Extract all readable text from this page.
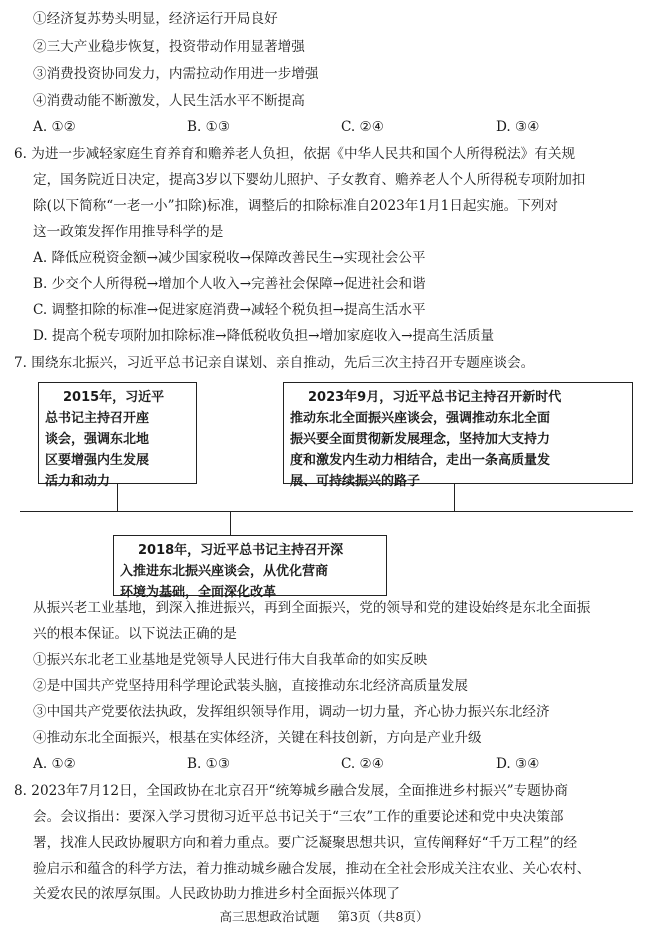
①经济复苏势头明显，经济运行开局良好
②三大产业稳步恢复，投资带动作用显著增强
③消费投资协同发力，内需拉动作用进一步增强
④消费动能不断激发，人民生活水平不断提高
A. ①②	B. ①③	C. ②④	D. ③④
6. 为进一步减轻家庭生育养育和赡养老人负担，依据《中华人民共和国个人所得税法》有关规
定，国务院近日决定，提高3岁以下婴幼儿照护、子女教育、赡养老人个人所得税专项附加扣
除(以下简称“一老一小”扣除)标准，调整后的扣除标准自2023年1月1日起实施。下列对
这一政策发挥作用推导科学的是
A. 降低应税资金额→减少国家税收→保障改善民生→实现社会公平
B. 少交个人所得税→增加个人收入→完善社会保障→促进社会和谐
C. 调整扣除的标准→促进家庭消费→减轻个税负担→提高生活水平
D. 提高个税专项附加扣除标准→降低税收负担→增加家庭收入→提高生活质量
7. 围绕东北振兴，习近平总书记亲自谋划、亲自推动，先后三次主持召开专题座谈会。
2015年，习近平
总书记主持召开座
谈会，强调东北地
区要增强内生发展
活力和动力
2023年9月，习近平总书记主持召开新时代
推动东北全面振兴座谈会，强调推动东北全面
振兴要全面贯彻新发展理念，坚持加大支持力
度和激发内生动力相结合，走出一条高质量发
展、可持续振兴的路子
2018年，习近平总书记主持召开深
入推进东北振兴座谈会，从优化营商
环境为基础，全面深化改革
从振兴老工业基地，到深入推进振兴，再到全面振兴，党的领导和党的建设始终是东北全面振
兴的根本保证。以下说法正确的是
①振兴东北老工业基地是党领导人民进行伟大自我革命的如实反映
②是中国共产党坚持用科学理论武装头脑，直接推动东北经济高质量发展
③中国共产党要依法执政，发挥组织领导作用，调动一切力量，齐心协力振兴东北经济
④推动东北全面振兴，根基在实体经济，关键在科技创新，方向是产业升级
A. ①②	B. ①③	C. ②④	D. ③④
8. 2023年7月12日，全国政协在北京召开“统筹城乡融合发展，全面推进乡村振兴”专题协商
会。会议指出：要深入学习贯彻习近平总书记关于“三农”工作的重要论述和党中央决策部
署，找准人民政协履职方向和着力重点。要广泛凝聚思想共识，宣传阐释好“千万工程”的经
验启示和蕴含的科学方法，着力推动城乡融合发展，推动在全社会形成关注农业、关心农村、
关爱农民的浓厚氛围。人民政协助力推进乡村全面振兴体现了
高三思想政治试题 第3页（共8页）
